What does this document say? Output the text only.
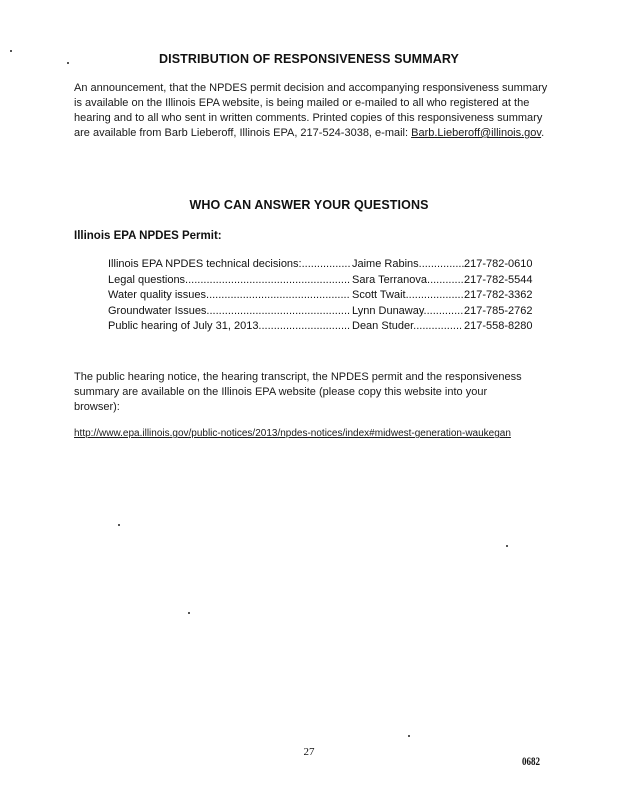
DISTRIBUTION OF RESPONSIVENESS SUMMARY

An announcement, that the NPDES permit decision and accompanying responsiveness summary is available on the Illinois EPA website, is being mailed or e-mailed to all who registered at the hearing and to all who sent in written comments. Printed copies of this responsiveness summary are available from Barb Lieberoff, Illinois EPA, 217-524-3038, e-mail: Barb.Lieberoff@illinois.gov.

WHO CAN ANSWER YOUR QUESTIONS
Illinois EPA NPDES Permit:
Illinois EPA NPDES technical decisions:................ Jaime Rabins............... 217-782-0610
Legal questions...................................................... Sara Terranova............ 217-782-5544
Water quality issues............................................... Scott Twait................... 217-782-3362
Groundwater Issues............................................... Lynn Dunaway............. 217-785-2762
Public hearing of July 31, 2013.............................. Dean Studer................ 217-558-8280

The public hearing notice, the hearing transcript, the NPDES permit and the responsiveness summary are available on the Illinois EPA website (please copy this website into your browser):

http://www.epa.illinois.gov/public-notices/2013/npdes-notices/index#midwest-generation-waukegan
27
0682
